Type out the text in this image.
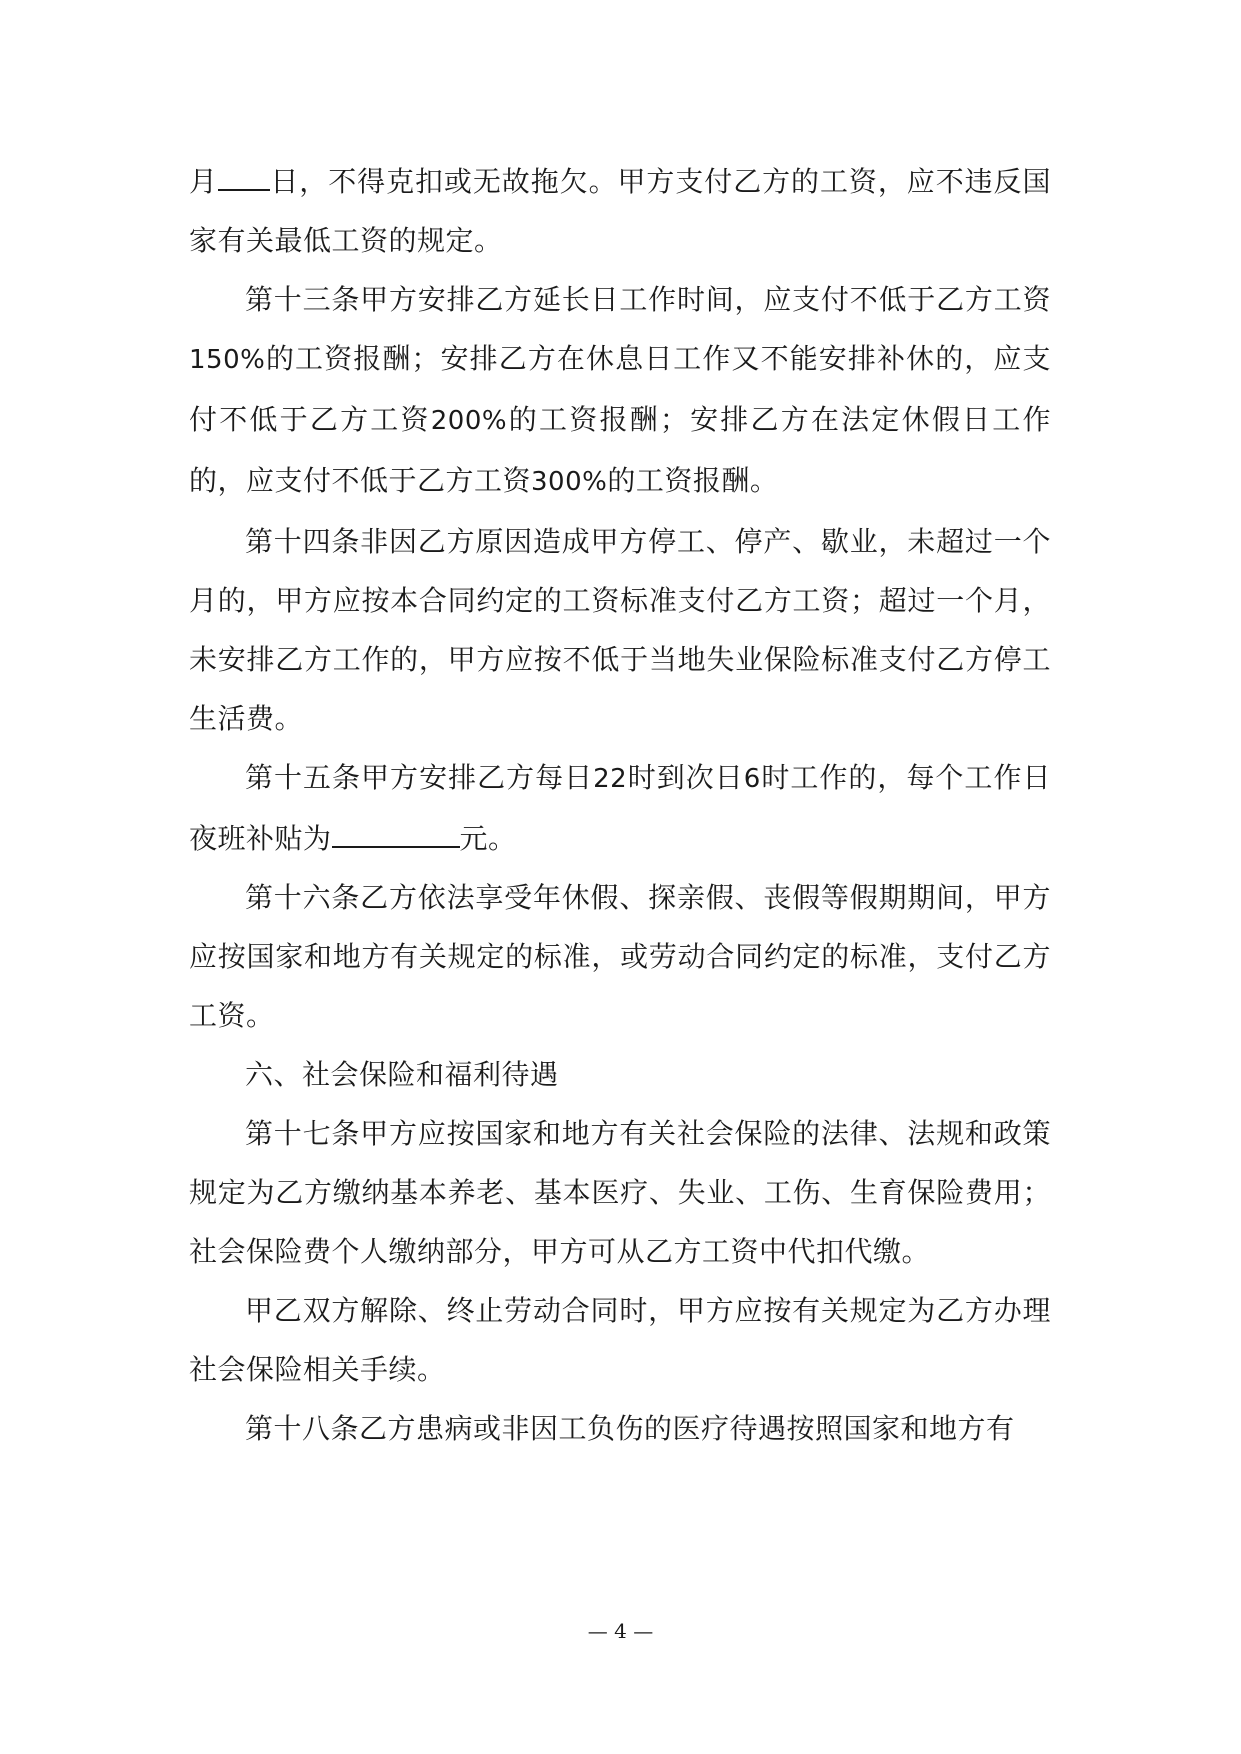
月 日，不得克扣或无故拖欠。甲方支付乙方的工资，应不违反国家有关最低工资的规定。

第十三条甲方安排乙方延长日工作时间，应支付不低于乙方工资150%的工资报酬；安排乙方在休息日工作又不能安排补休的，应支付不低于乙方工资200%的工资报酬；安排乙方在法定休假日工作的，应支付不低于乙方工资300%的工资报酬。

第十四条非因乙方原因造成甲方停工、停产、歇业，未超过一个月的，甲方应按本合同约定的工资标准支付乙方工资；超过一个月，未安排乙方工作的，甲方应按不低于当地失业保险标准支付乙方停工生活费。

第十五条甲方安排乙方每日22时到次日6时工作的，每个工作日夜班补贴为	元。

第十六条乙方依法享受年休假、探亲假、丧假等假期期间，甲方应按国家和地方有关规定的标准，或劳动合同约定的标准，支付乙方工资。

六、社会保险和福利待遇

第十七条甲方应按国家和地方有关社会保险的法律、法规和政策规定为乙方缴纳基本养老、基本医疗、失业、工伤、生育保险费用；社会保险费个人缴纳部分，甲方可从乙方工资中代扣代缴。

甲乙双方解除、终止劳动合同时，甲方应按有关规定为乙方办理社会保险相关手续。

第十八条乙方患病或非因工负伤的医疗待遇按照国家和地方有

— 4 —
